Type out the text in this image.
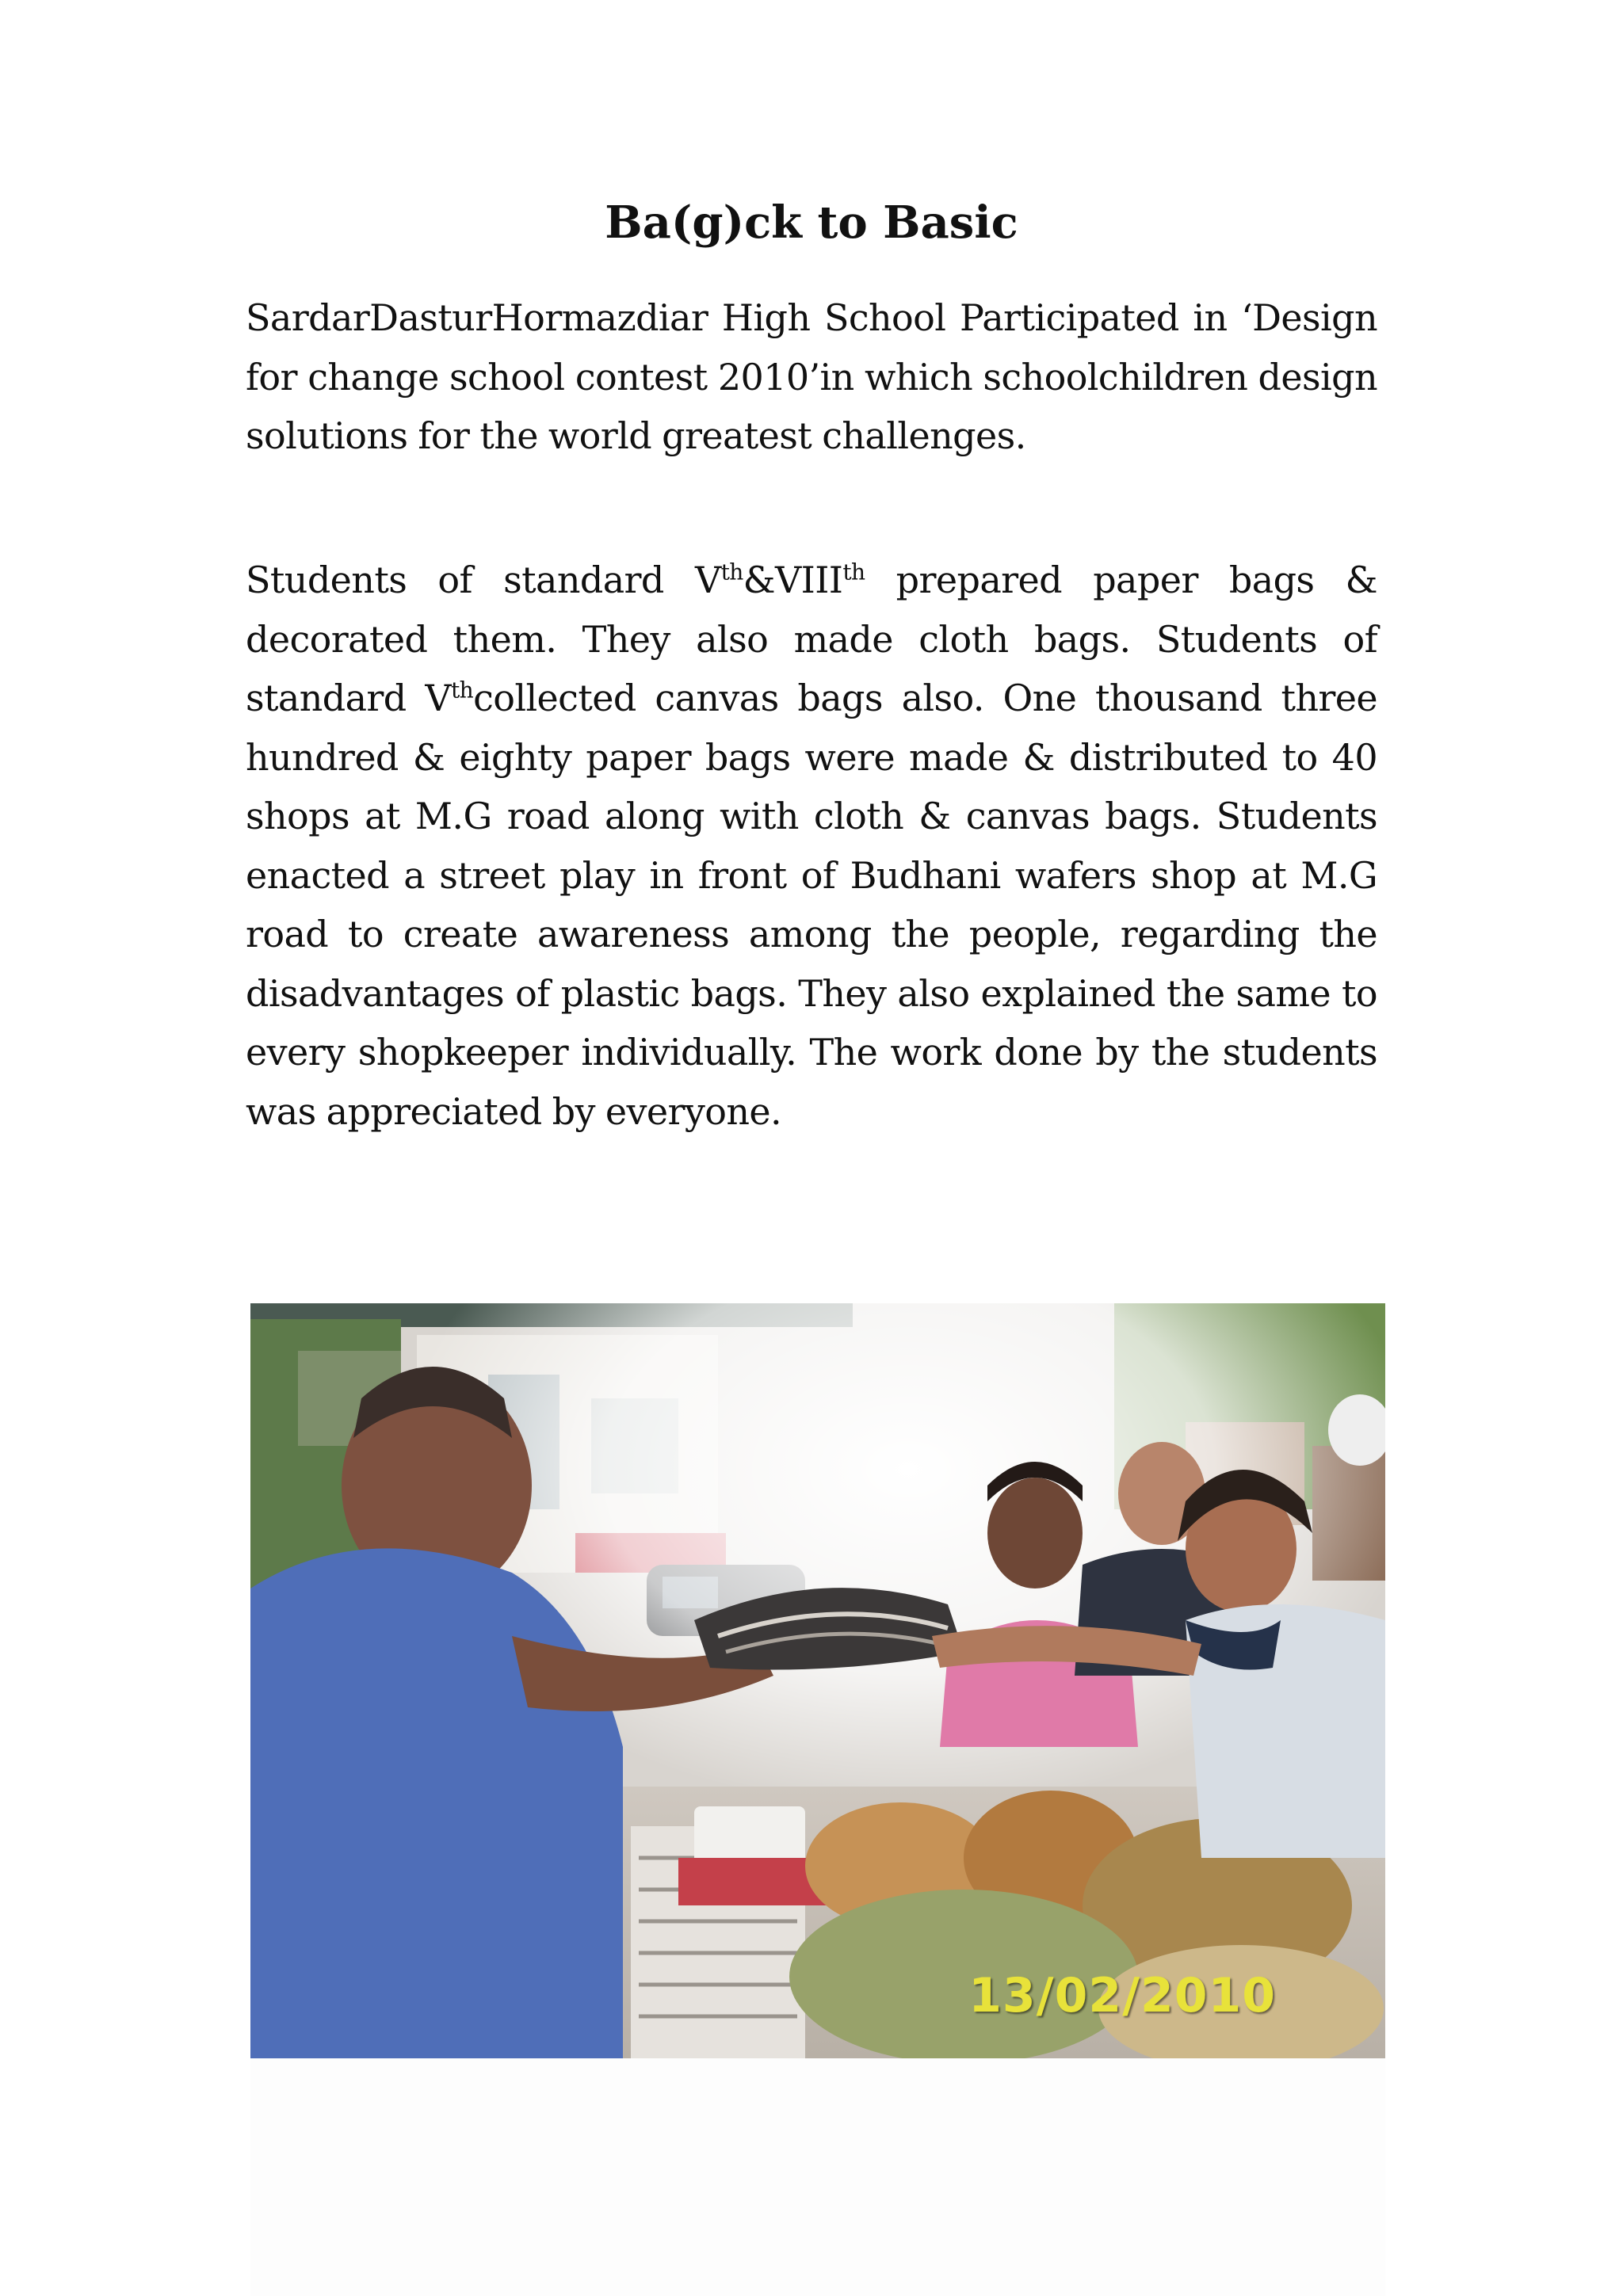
Ba(g)ck to Basic

SardarDasturHormazdiar High School Participated in ‘Design for change school contest 2010’in which schoolchildren design solutions for the world greatest challenges.

Students of standard Vth&VIIIth prepared paper bags & decorated them. They also made cloth bags. Students of standard Vthcollected canvas bags also. One thousand three hundred & eighty paper bags were made & distributed to 40 shops at M.G road along with cloth & canvas bags. Students enacted a street play in front of Budhani wafers shop at M.G road to create awareness among the people, regarding the disadvantages of plastic bags. They also explained the same to every shopkeeper individually. The work done by the students was appreciated by everyone.

13/02/2010
